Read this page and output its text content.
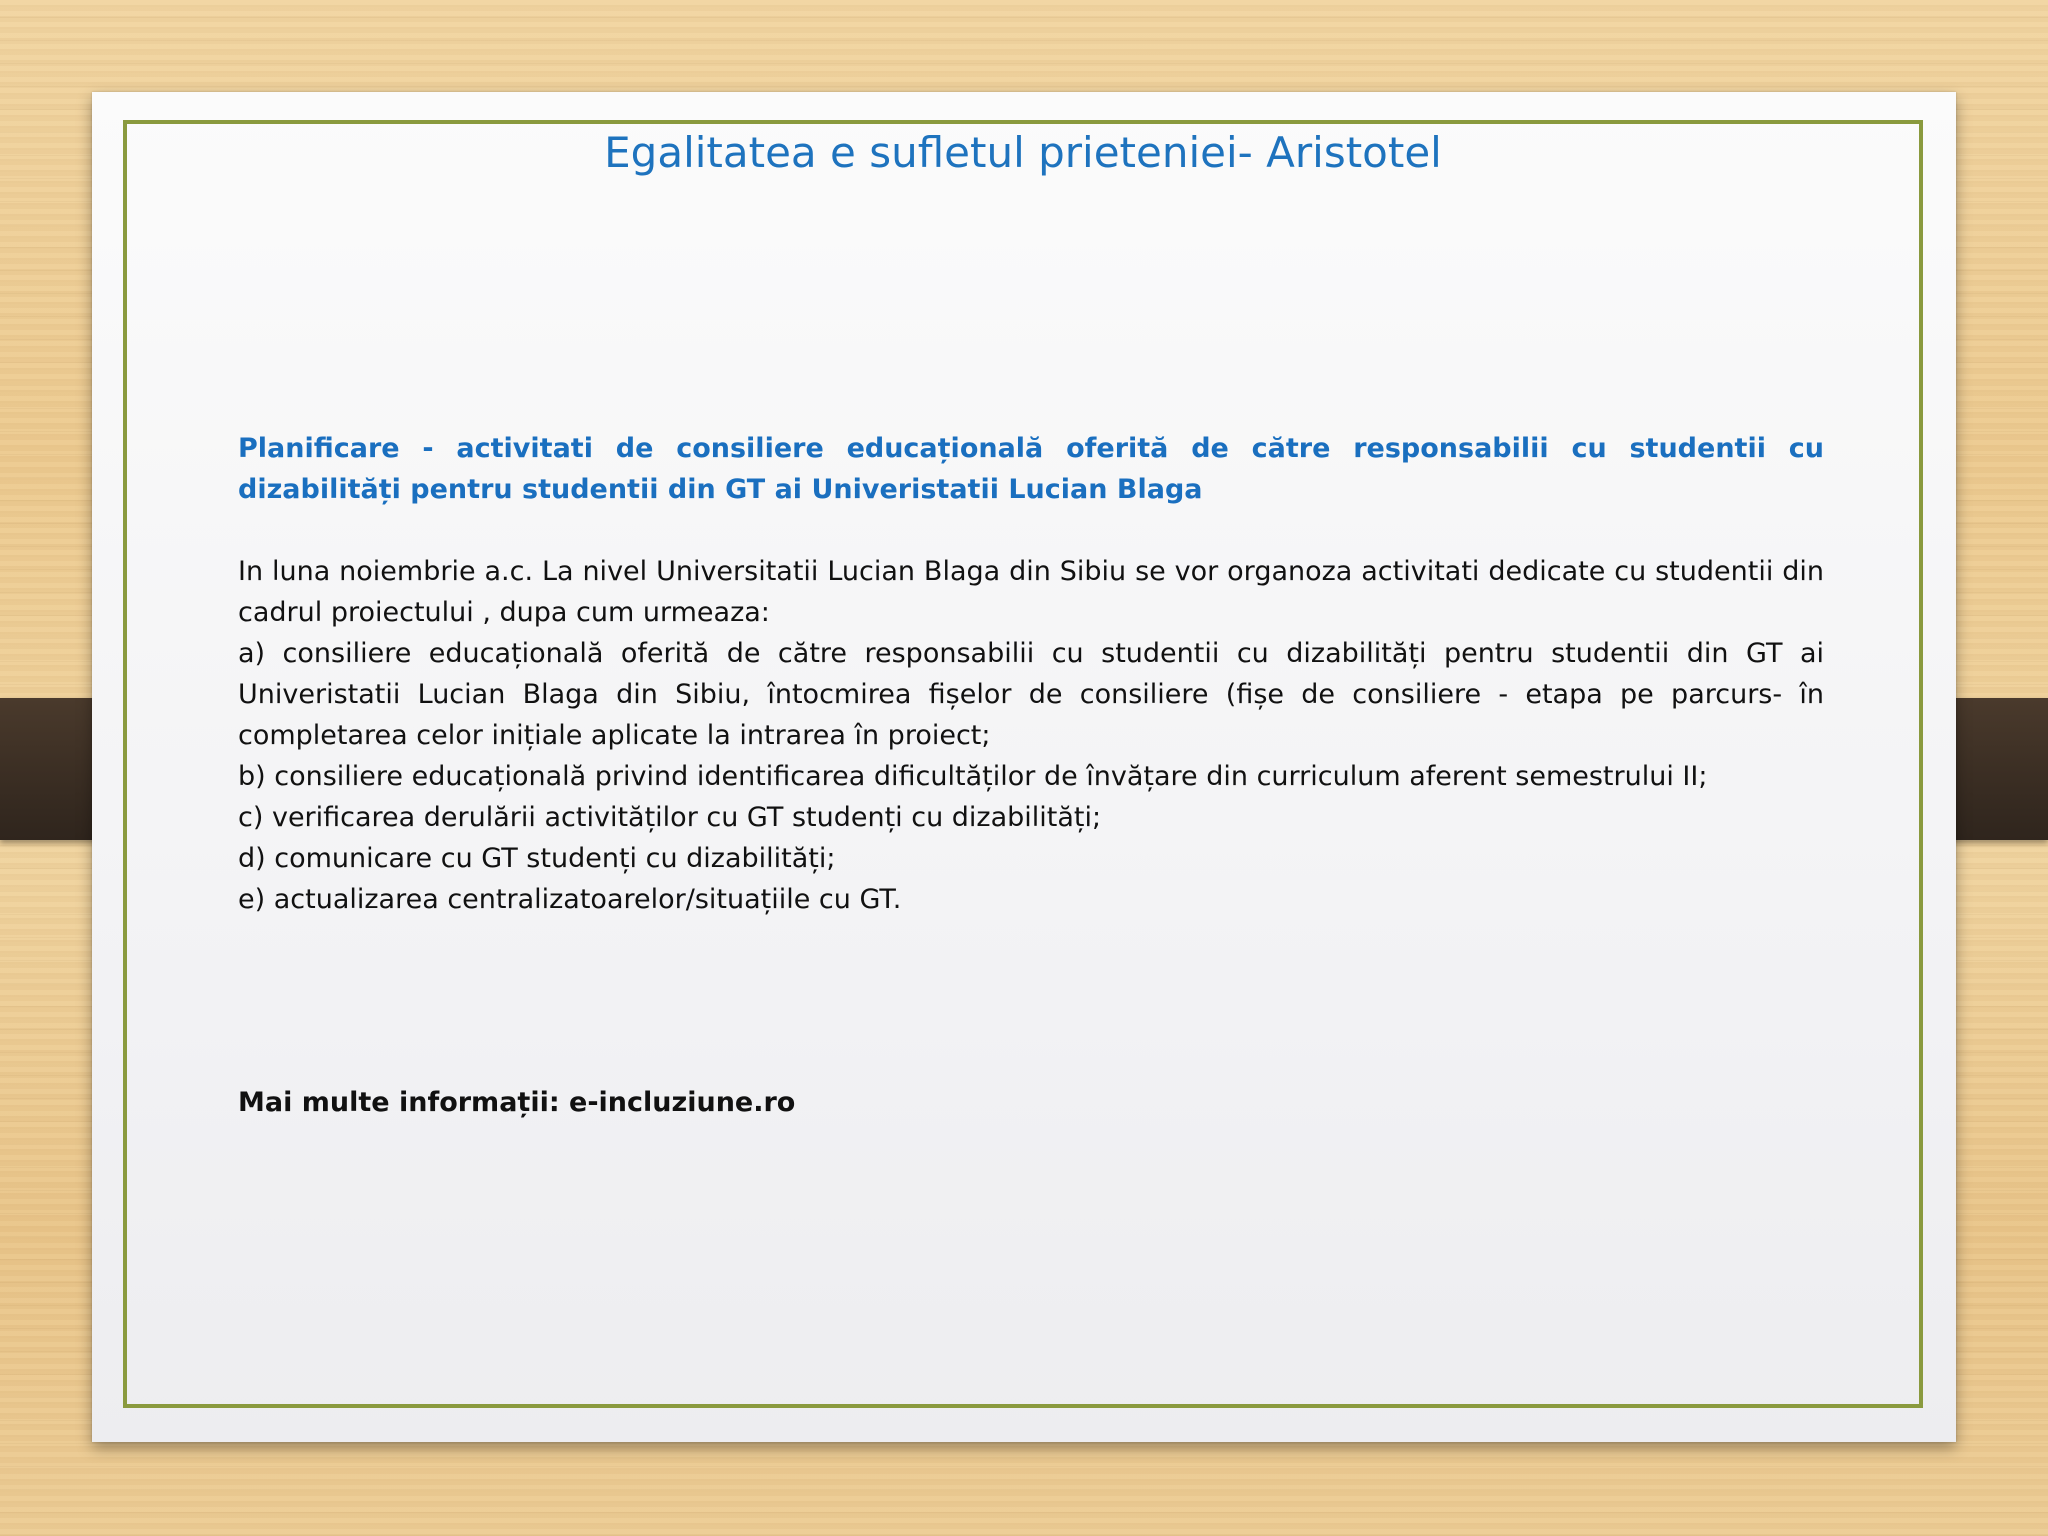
Egalitatea e sufletul prieteniei- Aristotel

Planificare - activitati de consiliere educațională oferită de către responsabilii cu studentii cu dizabilități pentru studentii din GT ai Univeristatii Lucian Blaga

In luna noiembrie a.c. La nivel Universitatii Lucian Blaga din Sibiu se vor organoza activitati dedicate cu studentii din cadrul proiectului , dupa cum urmeaza:

a) consiliere educațională oferită de către responsabilii cu studentii cu dizabilități pentru studentii din GT ai Univeristatii Lucian Blaga din Sibiu, întocmirea fișelor de consiliere (fișe de consiliere - etapa pe parcurs- în completarea celor inițiale aplicate la intrarea în proiect;

b) consiliere educațională privind identificarea dificultăților de învățare din curriculum aferent semestrului II;

c) verificarea derulării activităților cu GT studenți cu dizabilități;

d) comunicare cu GT studenți cu dizabilități;

e) actualizarea centralizatoarelor/situațiile cu GT.

Mai multe informații: e-incluziune.ro
